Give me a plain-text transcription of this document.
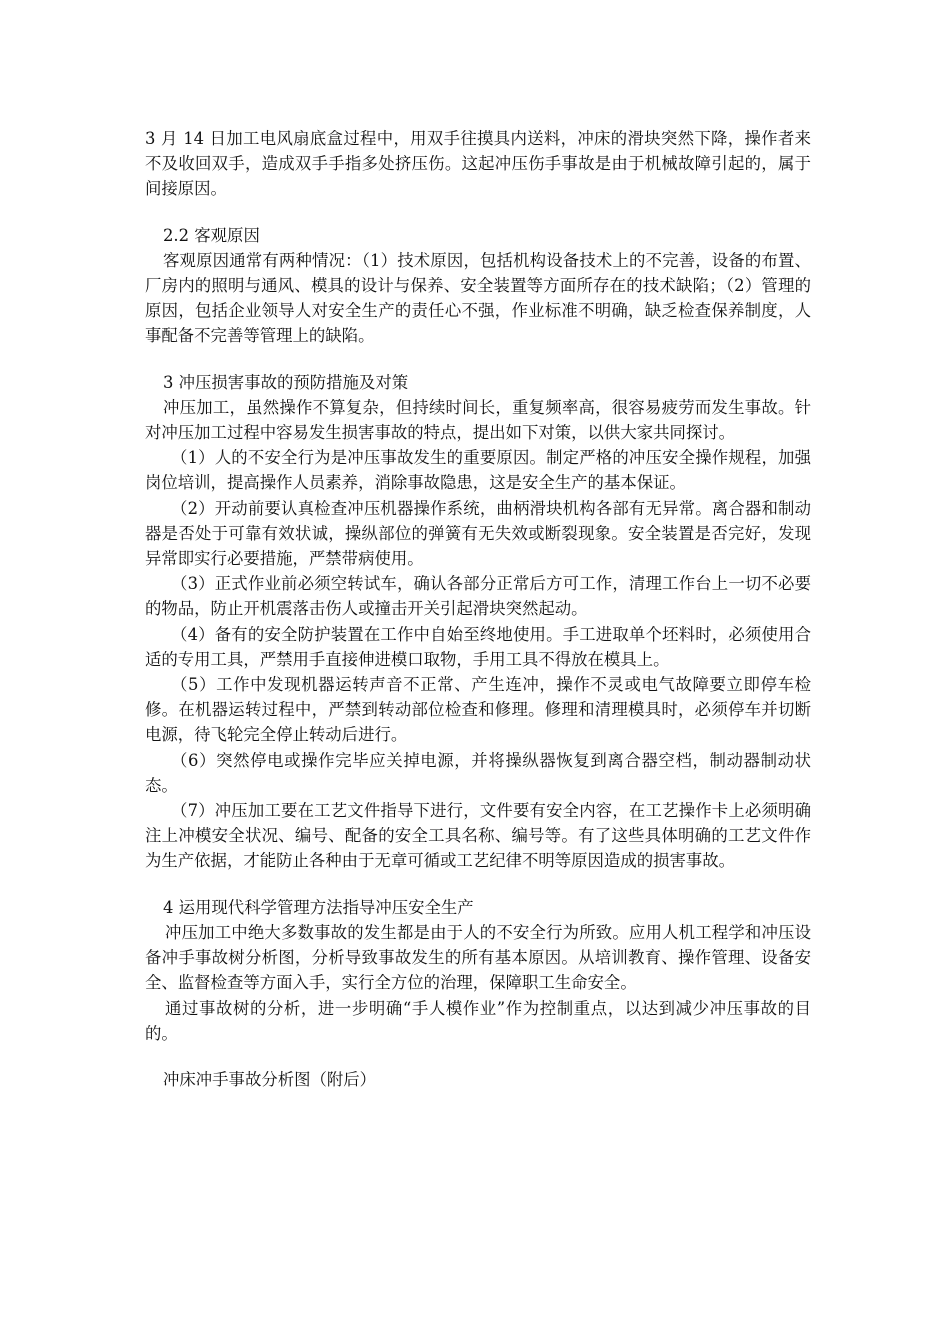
3 月 14 日加工电风扇底盒过程中，用双手往摸具内送料，冲床的滑块突然下降，操作者来不及收回双手，造成双手手指多处挤压伤。这起冲压伤手事故是由于机械故障引起的，属于间接原因。

2.2 客观原因

客观原因通常有两种情况：（1）技术原因，包括机构设备技术上的不完善，设备的布置、厂房内的照明与通风、模具的设计与保养、安全装置等方面所存在的技术缺陷；（2）管理的原因，包括企业领导人对安全生产的责任心不强，作业标准不明确，缺乏检查保养制度，人事配备不完善等管理上的缺陷。

3 冲压损害事故的预防措施及对策

冲压加工，虽然操作不算复杂，但持续时间长，重复频率高，很容易疲劳而发生事故。针对冲压加工过程中容易发生损害事故的特点，提出如下对策，以供大家共同探讨。

（1）人的不安全行为是冲压事故发生的重要原因。制定严格的冲压安全操作规程，加强岗位培训，提高操作人员素养，消除事故隐患，这是安全生产的基本保证。

（2）开动前要认真检查冲压机器操作系统，曲柄滑块机构各部有无异常。离合器和制动器是否处于可靠有效状诚，操纵部位的弹簧有无失效或断裂现象。安全装置是否完好，发现异常即实行必要措施，严禁带病使用。

（3）正式作业前必须空转试车，确认各部分正常后方可工作，清理工作台上一切不必要的物品，防止开机震落击伤人或撞击开关引起滑块突然起动。

（4）备有的安全防护装置在工作中自始至终地使用。手工进取单个坯料时，必须使用合适的专用工具，严禁用手直接伸进模口取物，手用工具不得放在模具上。

（5）工作中发现机器运转声音不正常、产生连冲，操作不灵或电气故障要立即停车检修。在机器运转过程中，严禁到转动部位检查和修理。修理和清理模具时，必须停车并切断电源，待飞轮完全停止转动后进行。

（6）突然停电或操作完毕应关掉电源，并将操纵器恢复到离合器空档，制动器制动状态。

（7）冲压加工要在工艺文件指导下进行，文件要有安全内容，在工艺操作卡上必须明确注上冲模安全状况、编号、配备的安全工具名称、编号等。有了这些具体明确的工艺文件作为生产依据，才能防止各种由于无章可循或工艺纪律不明等原因造成的损害事故。

4 运用现代科学管理方法指导冲压安全生产

冲压加工中绝大多数事故的发生都是由于人的不安全行为所致。应用人机工程学和冲压设备冲手事故树分析图，分析导致事故发生的所有基本原因。从培训教育、操作管理、设备安全、监督检查等方面入手，实行全方位的治理，保障职工生命安全。

通过事故树的分析，进一步明确“手人模作业”作为控制重点，以达到减少冲压事故的目的。

冲床冲手事故分析图（附后）
